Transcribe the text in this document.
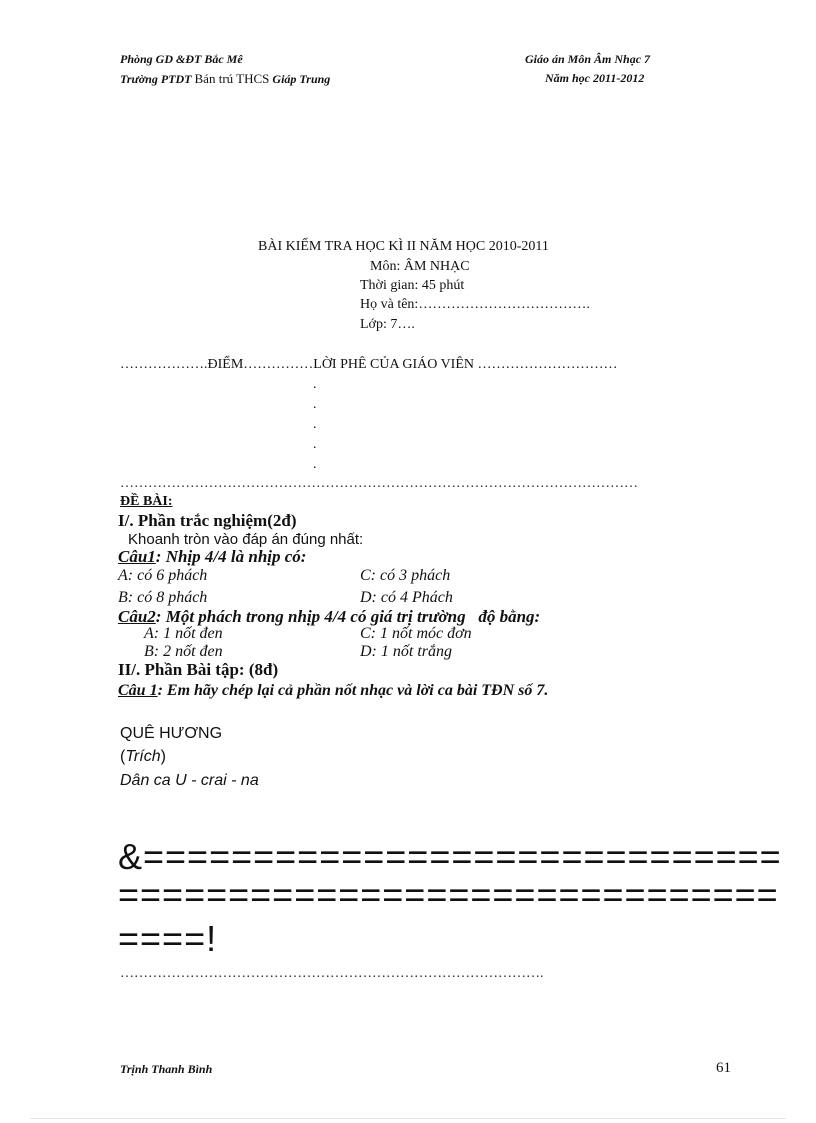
Phòng GD &ĐT Bắc Mê
Trường PTDT Bán trú THCS Giáp Trung
Giáo án Môn Âm Nhạc 7
Năm học 2011-2012
BÀI KIỂM TRA HỌC KÌ II NĂM HỌC 2010-2011
Môn: ÂM NHẠC
Thời gian: 45 phút
Họ và tên:……………………………….
Lớp: 7….
……………….ĐIỂM……………LỜI PHÊ CỦA GIÁO VIÊN …………………………
.
.
.
.
.
…………………………………………………………………………………………………
ĐỀ BÀI:
I/. Phần trắc nghiệm(2đ)
Khoanh tròn vào đáp án đúng nhất:
Câu1: Nhịp 4/4 là nhịp có:
A: có 6 phách	C: có 3 phách
B: có 8 phách	D: có 4 Phách
Câu2: Một phách trong nhịp 4/4 có giá trị trường độ bằng:
A: 1 nốt đen	C: 1 nốt móc đơn
B: 2 nốt đen	D: 1 nốt trắng
II/. Phần Bài tập: (8đ)
Câu 1: Em hãy chép lại cả phần nốt nhạc và lời ca bài TĐN số 7.
QUÊ HƯƠNG
(Trích)
Dân ca U - crai - na
&=============================
==============================
====!
……………………………………………………………………………….
Trịnh Thanh Bình	61
